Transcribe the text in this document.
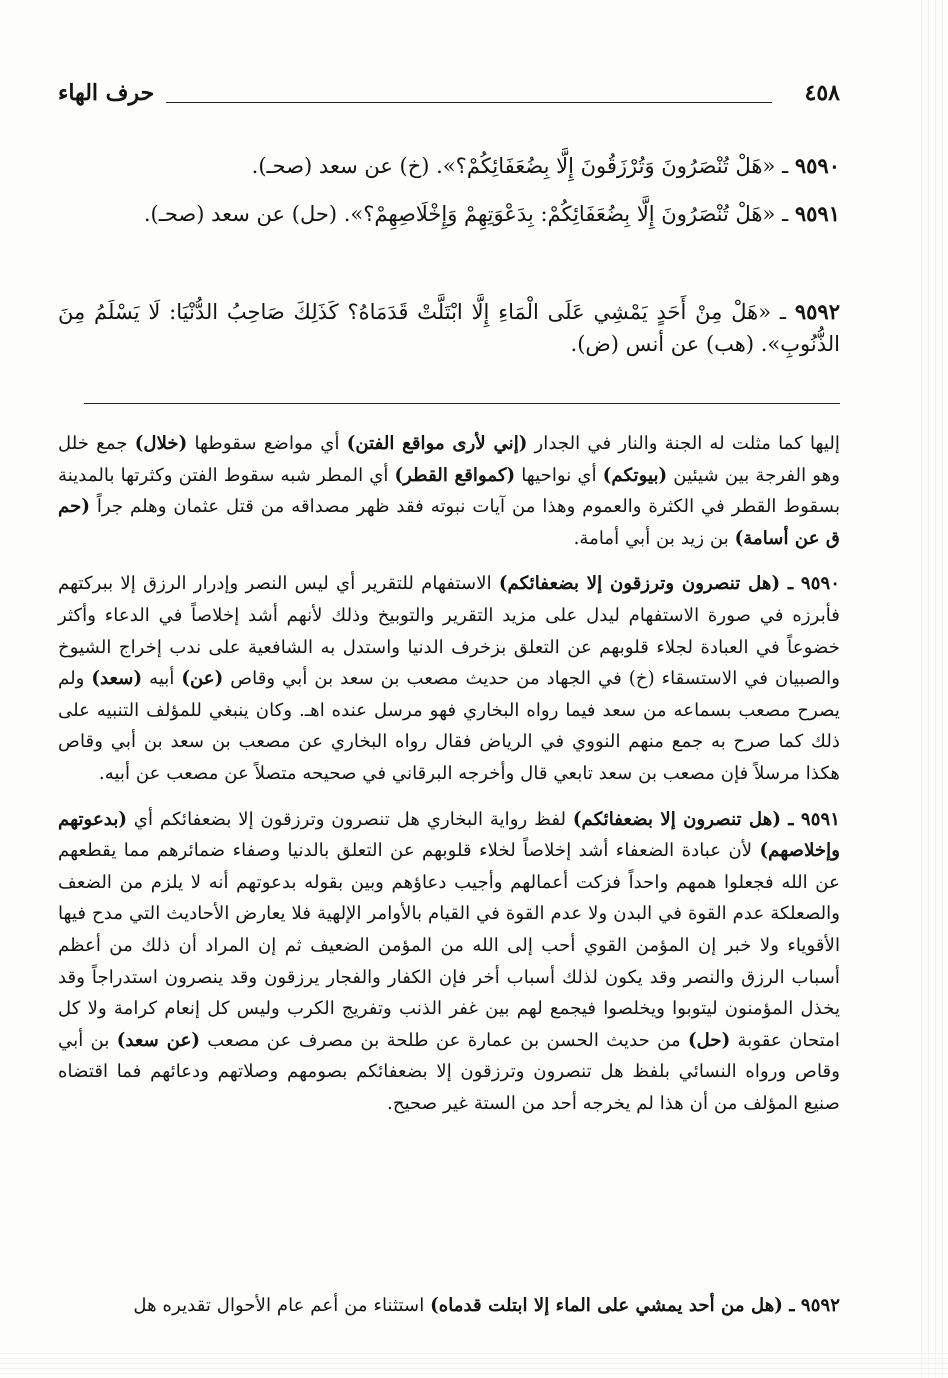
حرف الهاء	٤٥٨
٩٥٩٠ ـ «هَلْ تُنْصَرُونَ وَتُرْزَقُونَ إِلَّا بِضُعَفَائِكُمْ؟». (خ) عن سعد (صحـ).
٩٥٩١ ـ «هَلْ تُنْصَرُونَ إِلَّا بِضُعَفَائِكُمْ: بِدَعْوَتِهِمْ وَإِخْلَاصِهِمْ؟». (حل) عن سعد (صحـ).
٩٥٩٢ ـ «هَلْ مِنْ أَحَدٍ يَمْشِي عَلَى الْمَاءِ إِلَّا ابْتَلَّتْ قَدَمَاهُ؟ كَذَلِكَ صَاحِبُ الدُّنْيَا: لَا يَسْلَمُ مِنَ الذُّنُوبِ». (هب) عن أنس (ض).

إليها كما مثلت له الجنة والنار في الجدار (إني لأرى مواقع الفتن) أي مواضع سقوطها (خلال) جمع خلل وهو الفرجة بين شيئين (بيوتكم) أي نواحيها (كمواقع القطر) أي المطر شبه سقوط الفتن وكثرتها بالمدينة بسقوط القطر في الكثرة والعموم وهذا من آيات نبوته فقد ظهر مصداقه من قتل عثمان وهلم جراً (حم ق عن أسامة) بن زيد بن أبي أمامة.

٩٥٩٠ ـ (هل تنصرون وترزقون إلا بضعفائكم) الاستفهام للتقرير أي ليس النصر وإدرار الرزق إلا ببركتهم فأبرزه في صورة الاستفهام ليدل على مزيد التقرير والتوبيخ وذلك لأنهم أشد إخلاصاً في الدعاء وأكثر خضوعاً في العبادة لجلاء قلوبهم عن التعلق بزخرف الدنيا واستدل به الشافعية على ندب إخراج الشيوخ والصبيان في الاستسقاء (خ) في الجهاد من حديث مصعب بن سعد بن أبي وقاص (عن) أبيه (سعد) ولم يصرح مصعب بسماعه من سعد فيما رواه البخاري فهو مرسل عنده اهـ. وكان ينبغي للمؤلف التنبيه على ذلك كما صرح به جمع منهم النووي في الرياض فقال رواه البخاري عن مصعب بن سعد بن أبي وقاص هكذا مرسلاً فإن مصعب بن سعد تابعي قال وأخرجه البرقاني في صحيحه متصلاً عن مصعب عن أبيه.

٩٥٩١ ـ (هل تنصرون إلا بضعفائكم) لفظ رواية البخاري هل تنصرون وترزقون إلا بضعفائكم أي (بدعوتهم وإخلاصهم) لأن عبادة الضعفاء أشد إخلاصاً لخلاء قلوبهم عن التعلق بالدنيا وصفاء ضمائرهم مما يقطعهم عن الله فجعلوا همهم واحداً فزكت أعمالهم وأجيب دعاؤهم وبين بقوله بدعوتهم أنه لا يلزم من الضعف والصعلكة عدم القوة في البدن ولا عدم القوة في القيام بالأوامر الإلهية فلا يعارض الأحاديث التي مدح فيها الأقوياء ولا خبر إن المؤمن القوي أحب إلى الله من المؤمن الضعيف ثم إن المراد أن ذلك من أعظم أسباب الرزق والنصر وقد يكون لذلك أسباب أخر فإن الكفار والفجار يرزقون وقد ينصرون استدراجاً وقد يخذل المؤمنون ليتوبوا ويخلصوا فيجمع لهم بين غفر الذنب وتفريج الكرب وليس كل إنعام كرامة ولا كل امتحان عقوبة (حل) من حديث الحسن بن عمارة عن طلحة بن مصرف عن مصعب (عن سعد) بن أبي وقاص ورواه النسائي بلفظ هل تنصرون وترزقون إلا بضعفائكم بصومهم وصلاتهم ودعائهم فما اقتضاه صنيع المؤلف من أن هذا لم يخرجه أحد من الستة غير صحيح.

٩٥٩٢ ـ (هل من أحد يمشي على الماء إلا ابتلت قدماه) استثناء من أعم عام الأحوال تقديره هل
